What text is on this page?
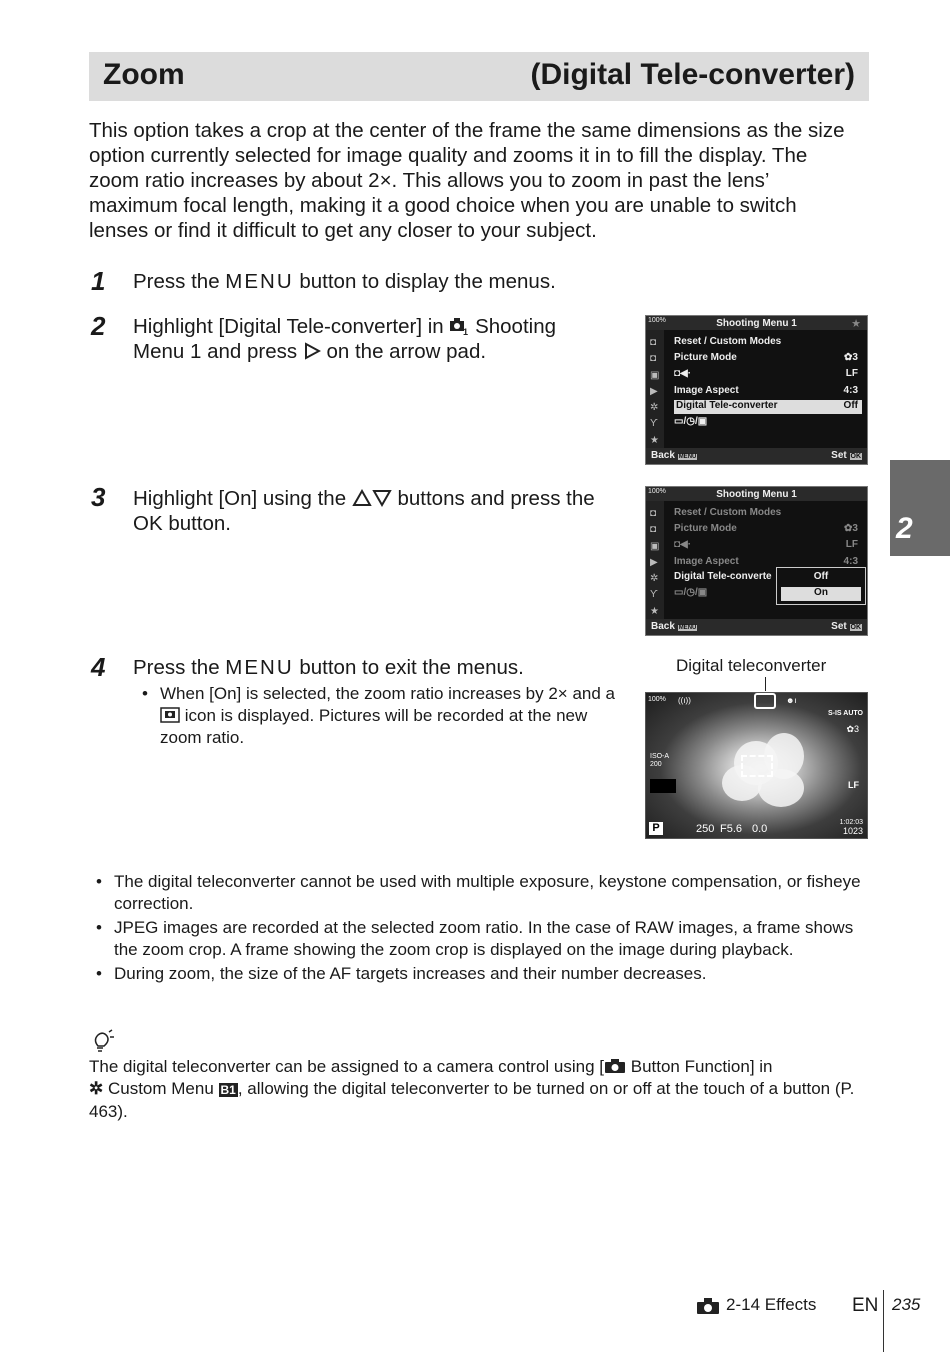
Zoom	(Digital Tele-converter)
This option takes a crop at the center of the frame the same dimensions as the size option currently selected for image quality and zooms it in to fill the display. The zoom ratio increases by about 2×. This allows you to zoom in past the lens’ maximum focal length, making it a good choice when you are unable to switch lenses or find it difficult to get any closer to your subject.
1 Press the MENU button to display the menus.
2 Highlight [Digital Tele-converter] in 1 Shooting
Menu 1 and press  on the arrow pad.
100%	Shooting Menu 1	★
◘
◘
▣
▶
✲
ϒ
★
Reset / Custom Modes
Picture Mode	✿3
◘◀·	LF
Image Aspect	4:3
Digital Tele-converter	Off
▭/◷/▣
Back MENU	Set OK
3 Highlight [On] using the  buttons and press the
OK button.
100%	Shooting Menu 1
◘
◘
▣
▶
✲
ϒ
★
Reset / Custom Modes
Picture Mode	✿3
◘◀·	LF
Image Aspect	4:3
Digital Tele-converte
▭/◷/▣
Off
On
Back MENU	Set OK
2
4 Press the MENU button to exit the menus.
• When [On] is selected, the zoom ratio increases by 2× and a  icon is displayed. Pictures will be recorded at the new zoom ratio.
Digital teleconverter
100% ((ı))	☻ı
S-IS AUTO
✿3
ISO-A 200
LF
P	250 F5.6 0.0
1:02:03
1023
• The digital teleconverter cannot be used with multiple exposure, keystone compensation, or fisheye correction.
• JPEG images are recorded at the selected zoom ratio. In the case of RAW images, a frame shows the zoom crop. A frame showing the zoom crop is displayed on the image during playback.
• During zoom, the size of the AF targets increases and their number decreases.
The digital teleconverter can be assigned to a camera control using [ Button Function] in
✲ Custom Menu B1 , allowing the digital teleconverter to be turned on or off at the touch of a button (P. 463).
2-14 Effects EN 235
